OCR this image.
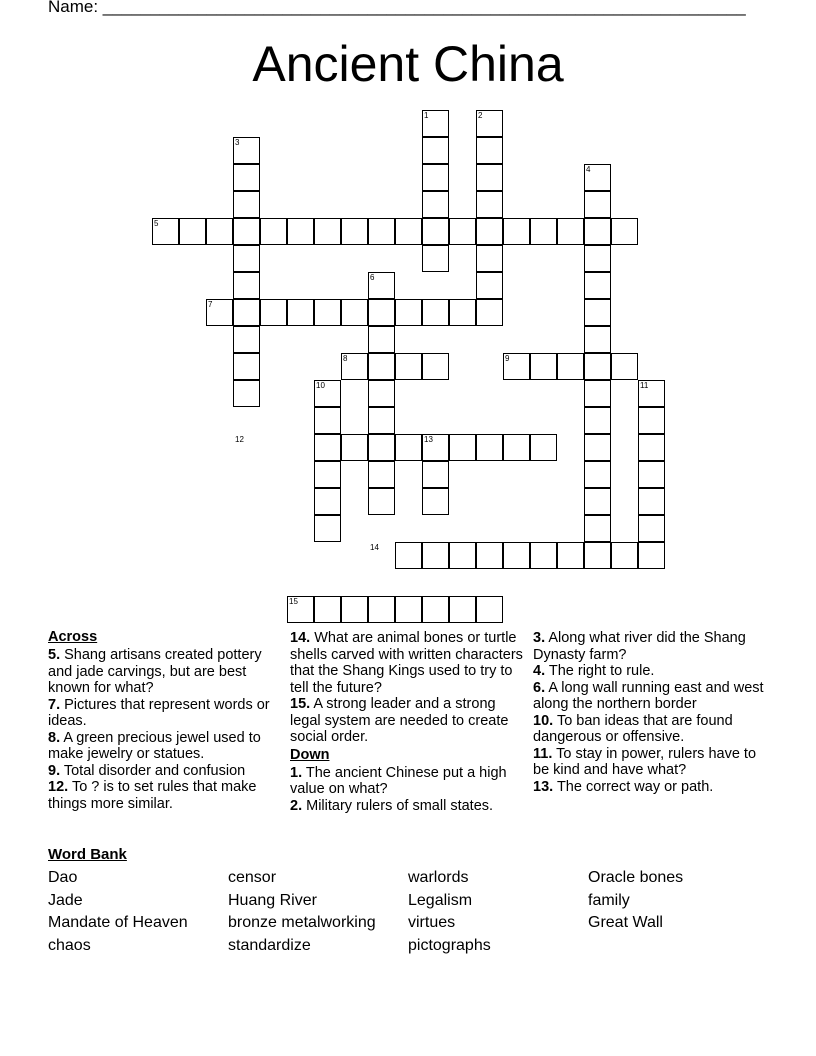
Name: ____________________________________________________________________
Ancient China
1	2
3
4
5
6
7
8	9
10	11
12	13
14
15
Across
5. Shang artisans created pottery and jade carvings, but are best known for what?
7. Pictures that represent words or ideas.
8. A green precious jewel used to make jewelry or statues.
9. Total disorder and confusion
12. To ? is to set rules that make things more similar.
14. What are animal bones or turtle shells carved with written characters that the Shang Kings used to try to tell the future?
15. A strong leader and a strong legal system are needed to create social order.
Down
1. The ancient Chinese put a high value on what?
2. Military rulers of small states.
3. Along what river did the Shang Dynasty farm?
4. The right to rule.
6. A long wall running east and west along the northern border
10. To ban ideas that are found dangerous or offensive.
11. To stay in power, rulers have to be kind and have what?
13. The correct way or path.
Word Bank
Dao
Jade
Mandate of Heaven
chaos
censor
Huang River
bronze metalworking
standardize
warlords
Legalism
virtues
pictographs
Oracle bones
family
Great Wall
